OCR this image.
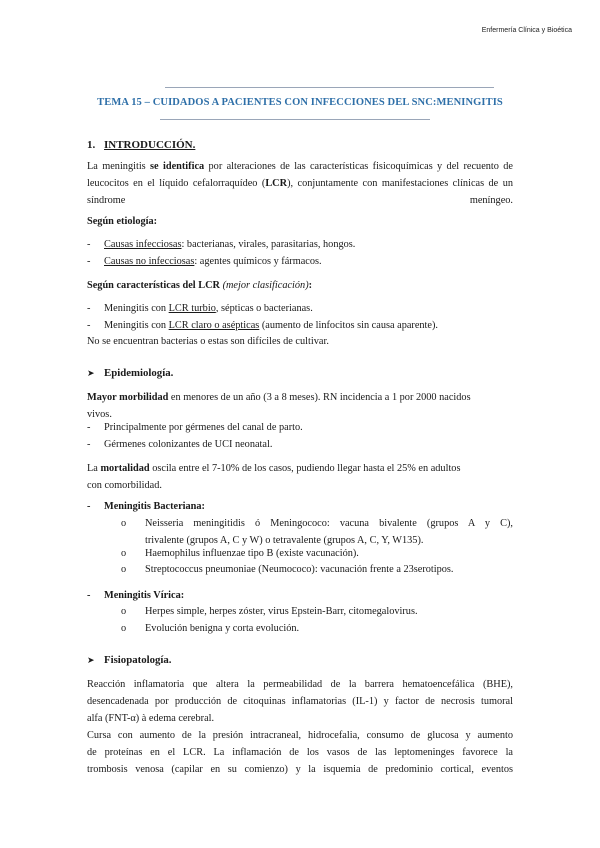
Enfermería Clínica y Bioética
TEMA 15 – CUIDADOS A PACIENTES CON INFECCIONES DEL SNC:MENINGITIS
1. INTRODUCCIÓN.
La meningitis se identifica por alteraciones de las características fisicoquímicas y del recuento de leucocitos en el líquido cefalorraquídeo (LCR), conjuntamente con manifestaciones clínicas de un síndrome meníngeo.
Según etiología:
- Causas infecciosas: bacterianas, virales, parasitarias, hongos.
- Causas no infecciosas: agentes químicos y fármacos.
Según características del LCR (mejor clasificación):
- Meningitis con LCR turbio, sépticas o bacterianas.
- Meningitis con LCR claro o asépticas (aumento de linfocitos sin causa aparente).
No se encuentran bacterias o estas son difíciles de cultivar.
➤ Epidemiología.
Mayor morbilidad en menores de un año (3 a 8 meses). RN incidencia a 1 por 2000 nacidos
vivos.
- Principalmente por gérmenes del canal de parto.
- Gérmenes colonizantes de UCI neonatal.
La mortalidad oscila entre el 7-10% de los casos, pudiendo llegar hasta el 25% en adultos
con comorbilidad.
- Meningitis Bacteriana:
o Neisseria meningitidis ó Meningococo: vacuna bivalente (grupos A y C),
trivalente (grupos A, C y W) o tetravalente (grupos A, C, Y, W135).
o Haemophilus influenzae tipo B (existe vacunación).
o Streptococcus pneumoniae (Neumococo): vacunación frente a 23serotipos.
- Meningitis Vírica:
o Herpes simple, herpes zóster, virus Epstein-Barr, citomegalovirus.
o Evolución benigna y corta evolución.
➤ Fisiopatología.
Reacción inflamatoria que altera la permeabilidad de la barrera hematoencefálica (BHE),
desencadenada por producción de citoquinas inflamatorias (IL-1) y factor de necrosis tumoral
alfa (FNT-α) à edema cerebral.
Cursa con aumento de la presión intracraneal, hidrocefalia, consumo de glucosa y aumento
de proteínas en el LCR. La inflamación de los vasos de las leptomeninges favorece la
trombosis venosa (capilar en su comienzo) y la isquemia de predominio cortical, eventos
